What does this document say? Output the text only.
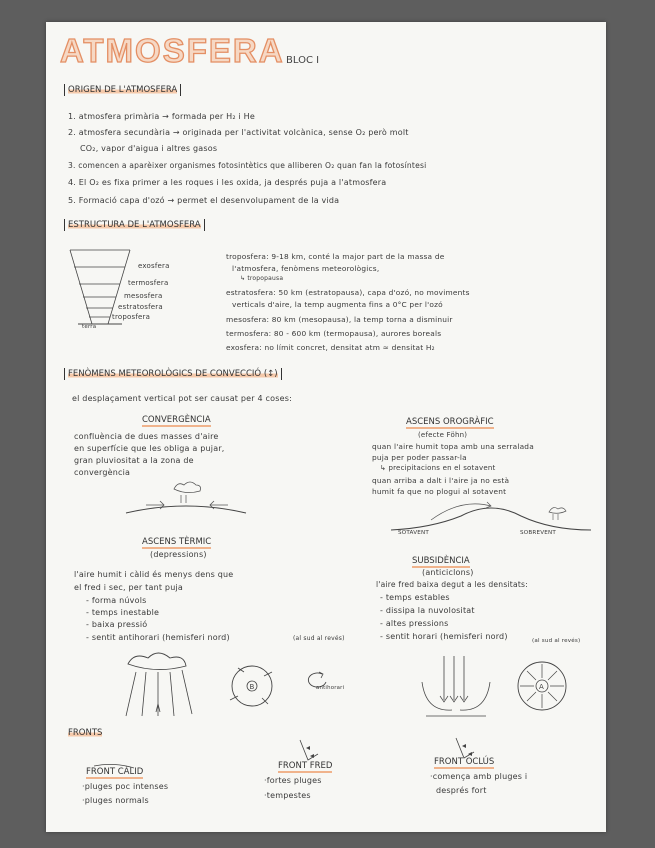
ATMOSFERA BLOC I
ORIGEN DE L'ATMOSFERA
1. atmosfera primària → formada per H₂ i He
2. atmosfera secundària → originada per l'activitat volcànica, sense O₂ però molt
CO₂, vapor d'aigua i altres gasos
3. comencen a aparèixer organismes fotosintètics que alliberen O₂ quan fan la fotosíntesi
4. El O₂ es fixa primer a les roques i les oxida, ja després puja a l'atmosfera
5. Formació capa d'ozó → permet el desenvolupament de la vida
ESTRUCTURA DE L'ATMOSFERA
exosfera
termosfera
mesosfera
estratosfera
troposfera
terra
troposfera: 9-18 km, conté la major part de la massa de
l'atmosfera, fenòmens meteorològics,
↳ tropopausa
estratosfera: 50 km (estratopausa), capa d'ozó, no moviments
verticals d'aire, la temp augmenta fins a 0°C per l'ozó
mesosfera: 80 km (mesopausa), la temp torna a disminuir
termosfera: 80 - 600 km (termopausa), aurores boreals
exosfera: no límit concret, densitat atm ≈ densitat H₂
FENÒMENS METEOROLÒGICS DE CONVECCIÓ (↕)
el desplaçament vertical pot ser causat per 4 coses:
CONVERGÈNCIA
confluència de dues masses d'aire
en superfície que les obliga a pujar,
gran pluviositat a la zona de
convergència
ASCENS OROGRÀFIC
(efecte Föhn)
quan l'aire humit topa amb una serralada
puja per poder passar-la
↳ precipitacions en el sotavent
quan arriba a dalt i l'aire ja no està
humit fa que no plogui al sotavent
SOTAVENT	SOBREVENT
ASCENS TÈRMIC
(depressions)
l'aire humit i càlid és menys dens que
el fred i sec, per tant puja
- forma núvols
- temps inestable
- baixa pressió
- sentit antihorari (hemisferi nord)	(al sud al revés)
B	antihorari
SUBSIDÈNCIA
(anticiclons)
l'aire fred baixa degut a les densitats:
- temps estables
- dissipa la nuvolositat
- altes pressions
- sentit horari (hemisferi nord)	(al sud al revés)
A
FRONTS
FRONT CÀLID
·pluges poc intenses
·pluges normals
FRONT FRED
·fortes pluges
·tempestes
FRONT OCLÚS
·comença amb pluges i
després fort
